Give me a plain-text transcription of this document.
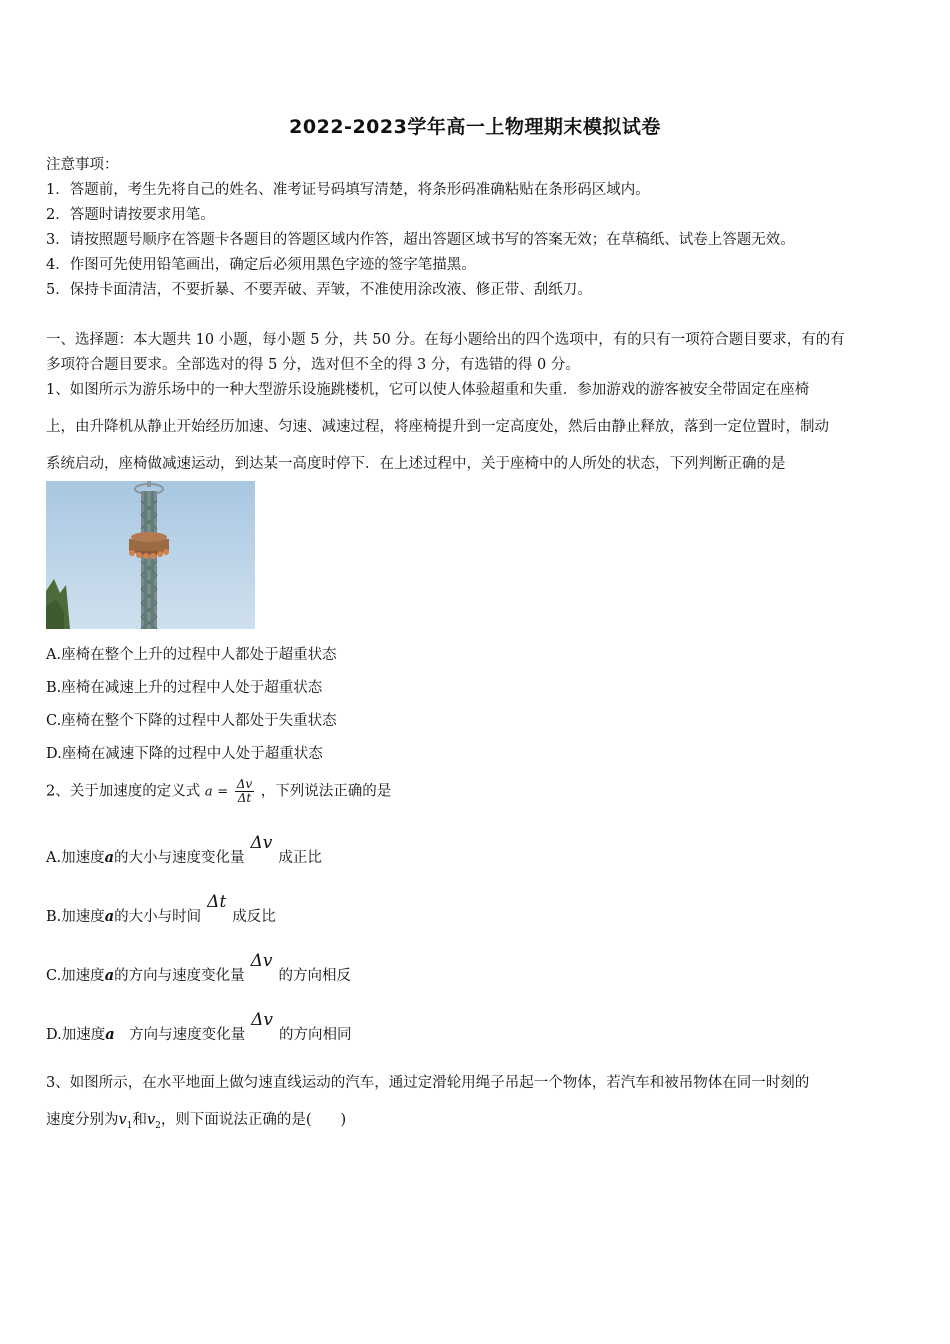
2022-2023学年高一上物理期末模拟试卷
注意事项：
1．答题前，考生先将自己的姓名、准考证号码填写清楚，将条形码准确粘贴在条形码区域内。
2．答题时请按要求用笔。
3．请按照题号顺序在答题卡各题目的答题区域内作答，超出答题区域书写的答案无效；在草稿纸、试卷上答题无效。
4．作图可先使用铅笔画出，确定后必须用黑色字迹的签字笔描黑。
5．保持卡面清洁，不要折暴、不要弄破、弄皱，不准使用涂改液、修正带、刮纸刀。
一、选择题：本大题共 10 小题，每小题 5 分，共 50 分。在每小题给出的四个选项中，有的只有一项符合题目要求，有的有
多项符合题目要求。全部选对的得 5 分，选对但不全的得 3 分，有选错的得 0 分。
1、如图所示为游乐场中的一种大型游乐设施跳楼机，它可以使人体验超重和失重．参加游戏的游客被安全带固定在座椅
上，由升降机从静止开始经历加速、匀速、减速过程，将座椅提升到一定高度处，然后由静止释放，落到一定位置时，制动
系统启动，座椅做减速运动，到达某一高度时停下．在上述过程中，关于座椅中的人所处的状态，下列判断正确的是
A.座椅在整个上升的过程中人都处于超重状态
B.座椅在减速上升的过程中人处于超重状态
C.座椅在整个下降的过程中人都处于失重状态
D.座椅在减速下降的过程中人处于超重状态
2、关于加速度的定义式 $a = \frac{\Delta v}{\Delta t}$ ，下列说法正确的是
A.加速度a的大小与速度变化量Δv成正比
B.加速度a的大小与时间Δt成反比
C.加速度a的方向与速度变化量Δv的方向相反
D.加速度a　方向与速度变化量Δv的方向相同
3、如图所示，在水平地面上做匀速直线运动的汽车，通过定滑轮用绳子吊起一个物体，若汽车和被吊物体在同一时刻的
速度分别为$v_1$和$v_2$，则下面说法正确的是(　　)
